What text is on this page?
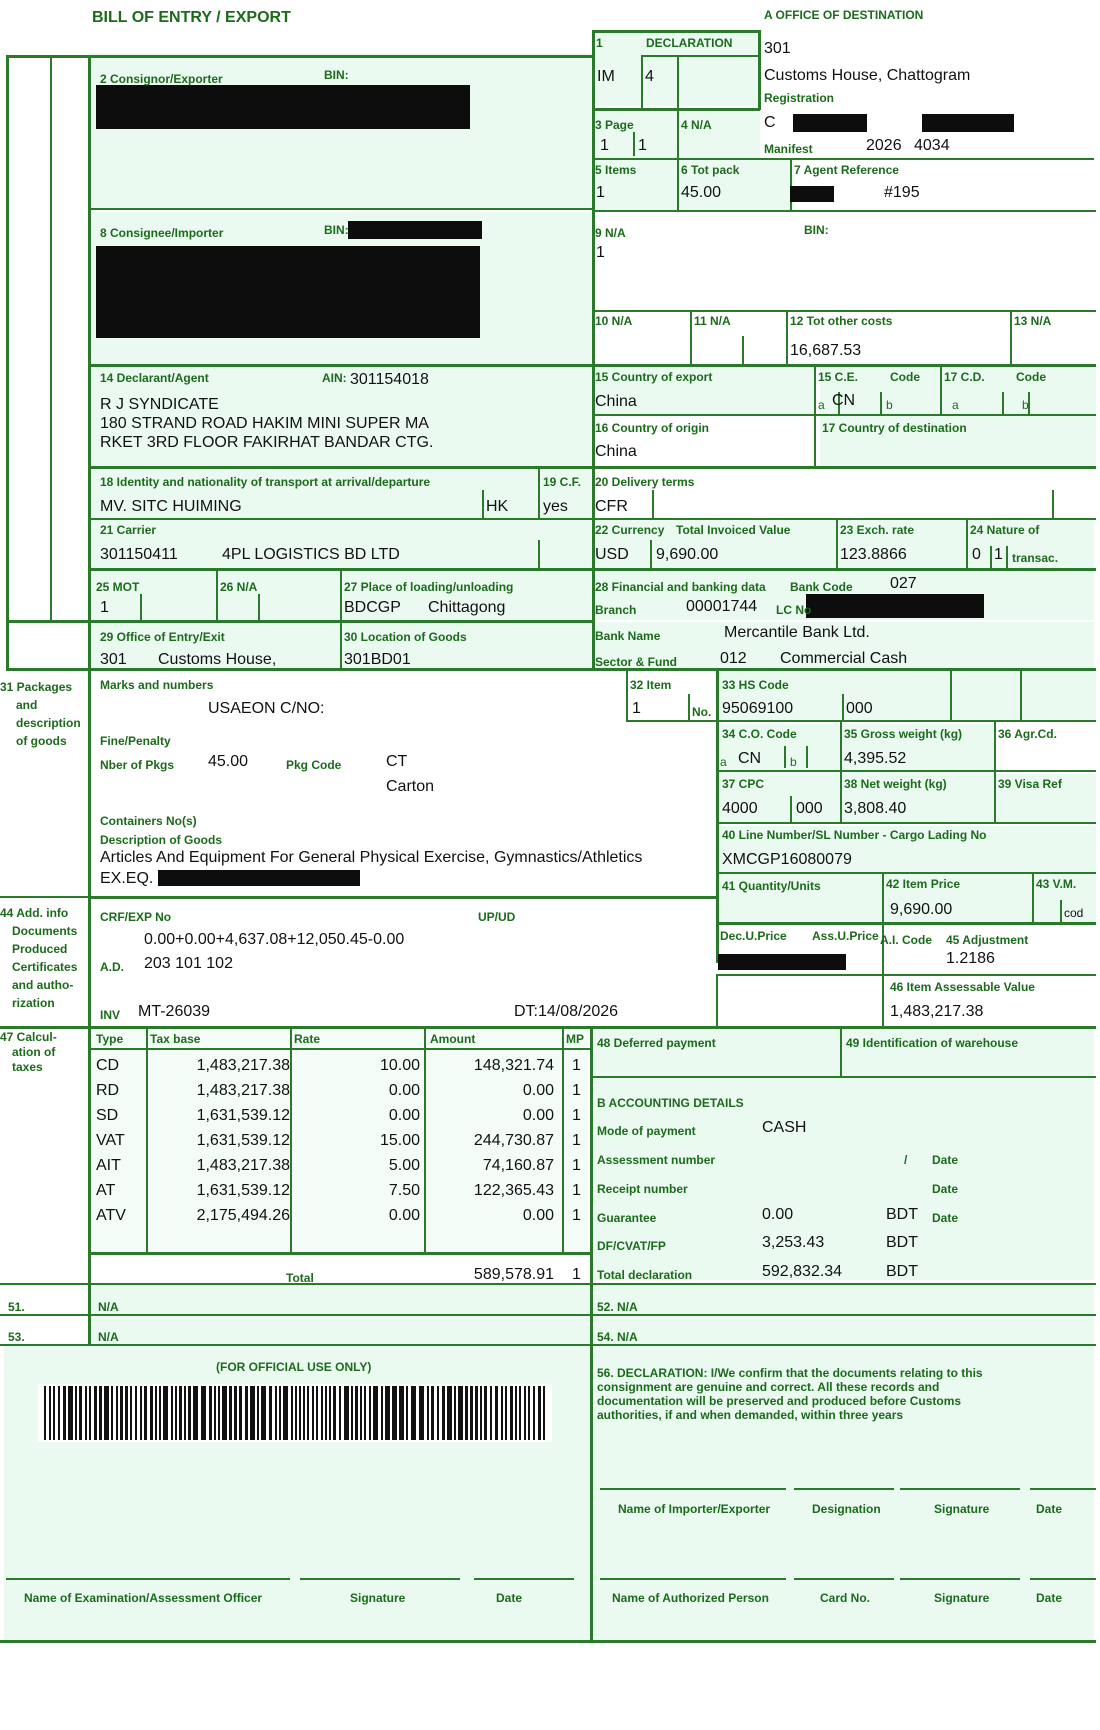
BILL OF ENTRY / EXPORT	A OFFICE OF DESTINATION
301
Customs House, Chattogram
Registration
C
Manifest	2026 4034
1	DECLARATION
IM 4
2 Consignor/Exporter	BIN:
3 Page
1 1
4 N/A
5 Items
1
6 Tot pack
45.00
7 Agent Reference
#195
8 Consignee/Importer	BIN:	9 N/A
1
BIN:
10 N/A	11 N/A	12 Tot other costs
16,687.53
13 N/A
14 Declarant/Agent	AIN: 301154018
R J SYNDICATE
180 STRAND ROAD HAKIM MINI SUPER MA
RKET 3RD FLOOR FAKIRHAT BANDAR CTG.
15 Country of export
China
15 C.E.	Code
a CN	b
17 C.D.	Code
a	b
16 Country of origin
China
17 Country of destination
18 Identity and nationality of transport at arrival/departure
MV. SITC HUIMING	HK
19 C.F.
yes
20 Delivery terms
CFR
21 Carrier
301150411	4PL LOGISTICS BD LTD
22 Currency
USD
Total Invoiced Value
9,690.00
23 Exch. rate
123.8866
24 Nature of
0 1 transac.
25 MOT
1
26 N/A	27 Place of loading/unloading
BDCGP Chittagong
28 Financial and banking data Bank Code 027
Branch	00001744 LC No
Bank Name	Mercantile Bank Ltd.
Sector & Fund	012 Commercial Cash
29 Office of Entry/Exit
301 Customs House,
30 Location of Goods
301BD01
31 Packages
and
description
of goods
Marks and numbers
USAEON C/NO:
Fine/Penalty
Nber of Pkgs 45.00	Pkg Code	CT
Carton
Containers No(s)
Description of Goods
Articles And Equipment For General Physical Exercise, Gymnastics/Athletics
EX.EQ.
32 Item
1	No.
33 HS Code
95069100	000
34 C.O. Code
a CN b
35 Gross weight (kg)
4,395.52
36 Agr.Cd.
37 CPC
4000 000
38 Net weight (kg)
3,808.40
39 Visa Ref
40 Line Number/SL Number - Cargo Lading No
XMCGP16080079
41 Quantity/Units	42 Item Price
9,690.00
43 V.M.
cod
44 Add. info
Documents
Produced
Certificates
and autho-
rization
CRF/EXP No	UP/UD
0.00+0.00+4,637.08+12,050.45-0.00
A.D. 203 101 102
INV MT-26039	DT:14/08/2026
Dec.U.Price Ass.U.Price A.I. Code 45 Adjustment
1.2186
46 Item Assessable Value
1,483,217.38
47 Calcul-
ation of
taxes
Type Tax base	Rate	Amount	MP
CD	1,483,217.38	10.00	148,321.74 1
RD	1,483,217.38	0.00	0.00 1
SD	1,631,539.12	0.00	0.00 1
VAT	1,631,539.12	15.00	244,730.87 1
AIT	1,483,217.38	5.00	74,160.87 1
AT	1,631,539.12	7.50	122,365.43 1
ATV	2,175,494.26	0.00	0.00 1
Total	589,578.91 1
48 Deferred payment	49 Identification of warehouse
B ACCOUNTING DETAILS
Mode of payment	CASH
Assessment number	/ Date
Receipt number	Date
Guarantee	0.00	BDT Date
DF/CVAT/FP	3,253.43	BDT
Total declaration	592,832.34	BDT
51.	N/A	52. N/A
53.	N/A	54. N/A
(FOR OFFICIAL USE ONLY)	56. DECLARATION: I/We confirm that the documents relating to this consignment are genuine and correct. All these records and documentation will be preserved and produced before Customs authorities, if and when demanded, within three years
Name of Importer/Exporter	Designation	Signature	Date
Name of Examination/Assessment Officer	Signature	Date	Name of Authorized Person	Card No.	Signature	Date
